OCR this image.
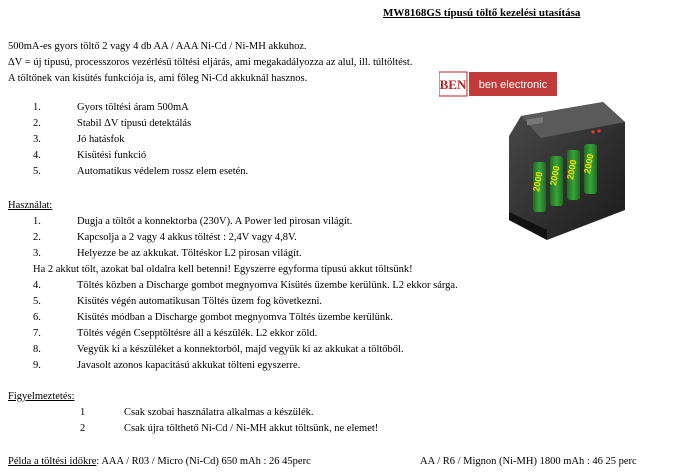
MW8168GS típusú töltő kezelési utasítása
500mA-es gyors töltő 2 vagy 4 db AA / AAA Ni-Cd / Ni-MH akkuhoz.
ΔV = új típusú, processzoros vezérlésű töltési eljárás, ami megakadályozza az alul, ill. túltöltést.
A töltőnek van kisütés funkciója is, ami főleg Ni-Cd akkuknál hasznos.
1.	Gyors töltési áram 500mA
2.	Stabil ΔV típusú detektálás
3.	Jó hatásfok
4.	Kisütési funkció
5.	Automatikus védelem rossz elem esetén.
BEN ben electronic
2000 2000 2000 2000
Használat:
1.	Dugja a töltőt a konnektorba (230V). A Power led pirosan világít.
2.	Kapcsolja a 2 vagy 4 akkus töltést : 2,4V vagy 4,8V.
3.	Helyezze be az akkukat. Töltéskor L2 pirosan világít.
Ha 2 akkut tölt, azokat bal oldalra kell betenni! Egyszerre egyforma típusú akkut töltsünk!
4.	Töltés közben a Discharge gombot megnyomva Kisütés üzembe kerülünk. L2 ekkor sárga.
5.	Kisütés végén automatikusan Töltés üzem fog következni.
6.	Kisütés módban a Discharge gombot megnyomva Töltés üzembe kerülünk.
7.	Töltés végén Csepptöltésre áll a készülék. L2 ekkor zöld.
8.	Vegyük ki a készüléket a konnektorból, majd vegyük ki az akkukat a töltőből.
9.	Javasolt azonos kapacitású akkukat tölteni egyszerre.
Figyelmeztetés:
1	Csak szobai használatra alkalmas a készülék.
2	Csak újra tölthető Ni-Cd / Ni-MH akkut töltsünk, ne elemet!
Példa a töltési időkre: AAA / R03 / Micro (Ni-Cd) 650 mAh : 26 45perc	AA / R6 / Mignon (Ni-MH) 1800 mAh : 46 25 perc
